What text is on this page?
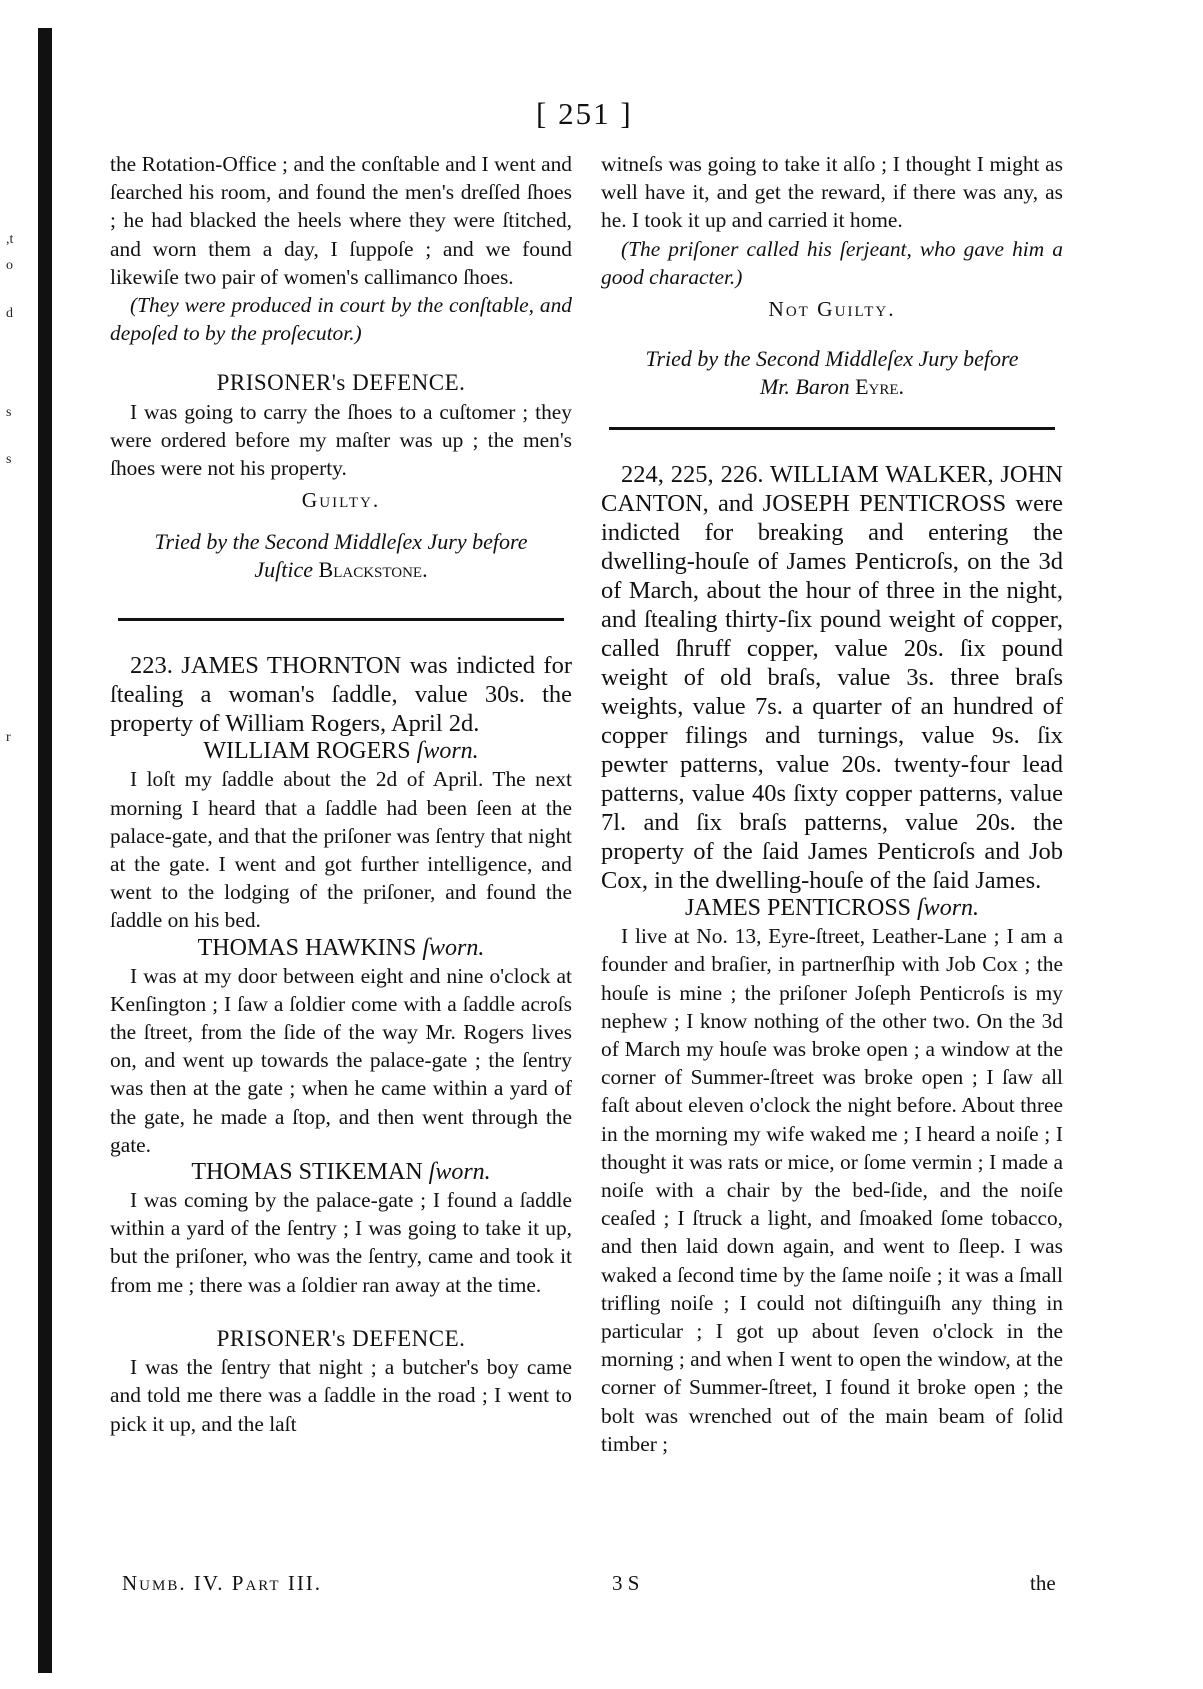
,t
o
d
s
s
r
[ 251 ]

the Rotation-Office ; and the conſtable and I went and ſearched his room, and found the men's dreſſed ſhoes ; he had blacked the heels where they were ſtitched, and worn them a day, I ſuppoſe ; and we found likewiſe two pair of women's callimanco ſhoes.

(They were produced in court by the conſtable, and depoſed to by the proſecutor.)

PRISONER's DEFENCE.

I was going to carry the ſhoes to a cuſtomer ; they were ordered before my maſter was up ; the men's ſhoes were not his property.

Guilty.
Tried by the Second Middleſex Jury before
Juſtice Blackstone.

223. JAMES THORNTON was indicted for ſtealing a woman's ſaddle, value 30s. the property of William Rogers, April 2d.

WILLIAM ROGERS ſworn.

I loſt my ſaddle about the 2d of April. The next morning I heard that a ſaddle had been ſeen at the palace-gate, and that the priſoner was ſentry that night at the gate. I went and got further intelligence, and went to the lodging of the priſoner, and found the ſaddle on his bed.

THOMAS HAWKINS ſworn.

I was at my door between eight and nine o'clock at Kenſington ; I ſaw a ſoldier come with a ſaddle acroſs the ſtreet, from the ſide of the way Mr. Rogers lives on, and went up towards the palace-gate ; the ſentry was then at the gate ; when he came within a yard of the gate, he made a ſtop, and then went through the gate.

THOMAS STIKEMAN ſworn.

I was coming by the palace-gate ; I found a ſaddle within a yard of the ſentry ; I was going to take it up, but the priſoner, who was the ſentry, came and took it from me ; there was a ſoldier ran away at the time.

PRISONER's DEFENCE.

I was the ſentry that night ; a butcher's boy came and told me there was a ſaddle in the road ; I went to pick it up, and the laſt

witneſs was going to take it alſo ; I thought I might as well have it, and get the reward, if there was any, as he. I took it up and carried it home.

(The priſoner called his ſerjeant, who gave him a good character.)

Not Guilty.
Tried by the Second Middleſex Jury before
Mr. Baron Eyre.

224, 225, 226. WILLIAM WALKER, JOHN CANTON, and JOSEPH PENTICROSS were indicted for breaking and entering the dwelling-houſe of James Penticroſs, on the 3d of March, about the hour of three in the night, and ſtealing thirty-ſix pound weight of copper, called ſhruff copper, value 20s. ſix pound weight of old braſs, value 3s. three braſs weights, value 7s. a quarter of an hundred of copper filings and turnings, value 9s. ſix pewter patterns, value 20s. twenty-four lead patterns, value 40s ſixty copper patterns, value 7l. and ſix braſs patterns, value 20s. the property of the ſaid James Penticroſs and Job Cox, in the dwelling-houſe of the ſaid James.

JAMES PENTICROSS ſworn.

I live at No. 13, Eyre-ſtreet, Leather-Lane ; I am a founder and braſier, in partnerſhip with Job Cox ; the houſe is mine ; the priſoner Joſeph Penticroſs is my nephew ; I know nothing of the other two. On the 3d of March my houſe was broke open ; a window at the corner of Summer-ſtreet was broke open ; I ſaw all faſt about eleven o'clock the night before. About three in the morning my wife waked me ; I heard a noiſe ; I thought it was rats or mice, or ſome vermin ; I made a noiſe with a chair by the bed-ſide, and the noiſe ceaſed ; I ſtruck a light, and ſmoaked ſome tobacco, and then laid down again, and went to ſleep. I was waked a ſecond time by the ſame noiſe ; it was a ſmall trifling noiſe ; I could not diſtinguiſh any thing in particular ; I got up about ſeven o'clock in the morning ; and when I went to open the window, at the corner of Summer-ſtreet, I found it broke open ; the bolt was wrenched out of the main beam of ſolid timber ;

Numb. IV. Part III.	3 S	the
